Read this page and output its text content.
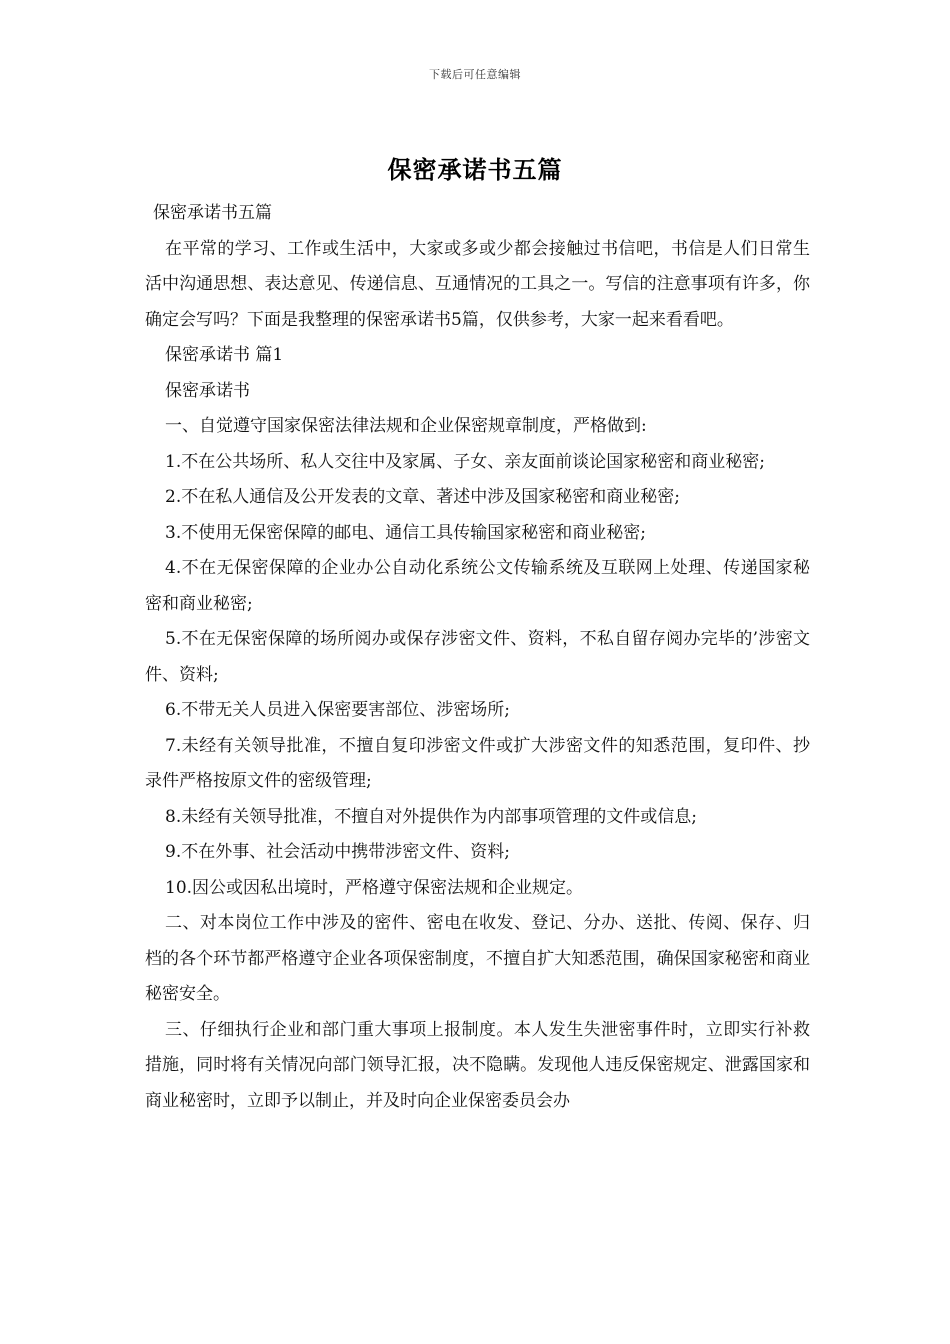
下载后可任意编辑
保密承诺书五篇

保密承诺书五篇

在平常的学习、工作或生活中，大家或多或少都会接触过书信吧，书信是人们日常生活中沟通思想、表达意见、传递信息、互通情况的工具之一。写信的注意事项有许多，你确定会写吗？下面是我整理的保密承诺书5篇，仅供参考，大家一起来看看吧。

保密承诺书 篇1

保密承诺书

一、自觉遵守国家保密法律法规和企业保密规章制度，严格做到:

1.不在公共场所、私人交往中及家属、子女、亲友面前谈论国家秘密和商业秘密;

2.不在私人通信及公开发表的文章、著述中涉及国家秘密和商业秘密;

3.不使用无保密保障的邮电、通信工具传输国家秘密和商业秘密;

4.不在无保密保障的企业办公自动化系统公文传输系统及互联网上处理、传递国家秘密和商业秘密;

5.不在无保密保障的场所阅办或保存涉密文件、资料，不私自留存阅办完毕的’涉密文件、资料;

6.不带无关人员进入保密要害部位、涉密场所;

7.未经有关领导批准，不擅自复印涉密文件或扩大涉密文件的知悉范围，复印件、抄录件严格按原文件的密级管理;

8.未经有关领导批准，不擅自对外提供作为内部事项管理的文件或信息;

9.不在外事、社会活动中携带涉密文件、资料;

10.因公或因私出境时，严格遵守保密法规和企业规定。

二、对本岗位工作中涉及的密件、密电在收发、登记、分办、送批、传阅、保存、归档的各个环节都严格遵守企业各项保密制度，不擅自扩大知悉范围，确保国家秘密和商业秘密安全。

三、仔细执行企业和部门重大事项上报制度。本人发生失泄密事件时，立即实行补救措施，同时将有关情况向部门领导汇报，决不隐瞒。发现他人违反保密规定、泄露国家和商业秘密时，立即予以制止，并及时向企业保密委员会办
